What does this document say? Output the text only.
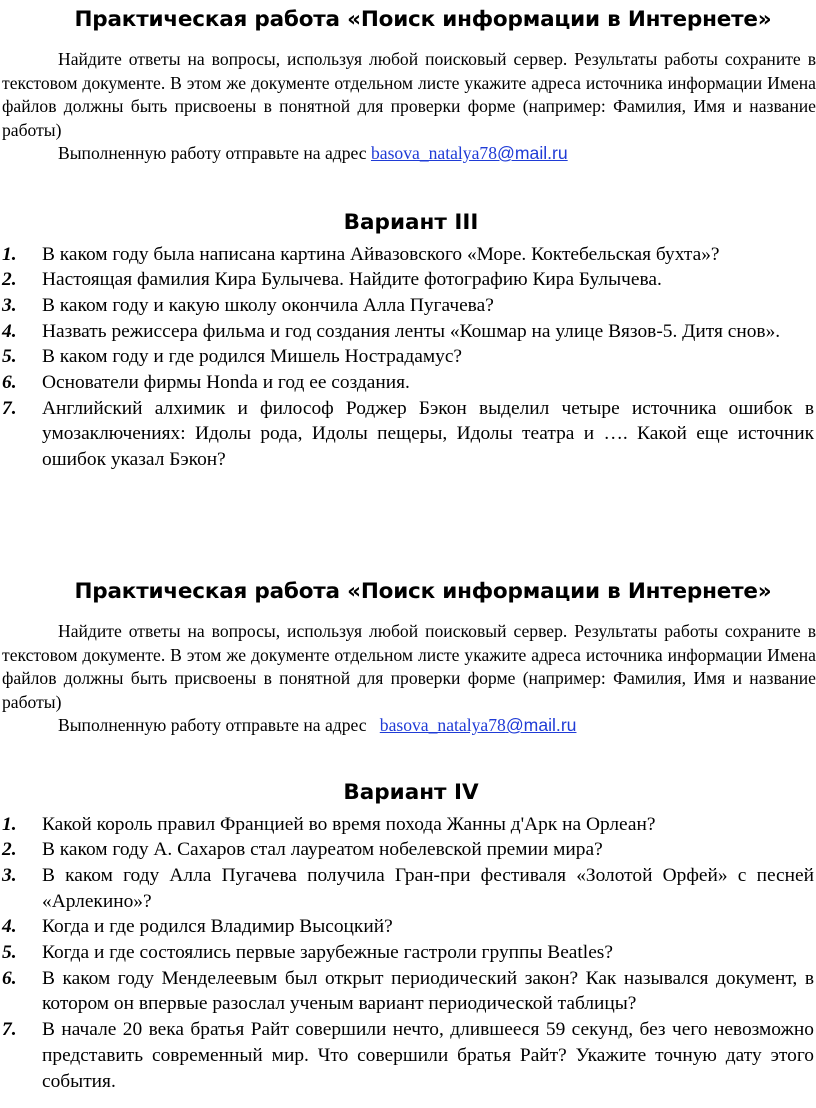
Практическая работа «Поиск информации в Интернете»

Найдите ответы на вопросы, используя любой поисковый сервер. Результаты работы сохраните в текстовом документе. В этом же документе отдельном листе укажите адреса источника информации Имена файлов должны быть присвоены в понятной для проверки форме (например: Фамилия, Имя и название работы)

Выполненную работу отправьте на адрес basova_natalya78@mail.ru

Вариант III
1. В каком году была написана картина Айвазовского «Море. Коктебельская бухта»?
2. Настоящая фамилия Кира Булычева. Найдите фотографию Кира Булычева.
3. В каком году и какую школу окончила Алла Пугачева?
4. Назвать режиссера фильма и год создания ленты «Кошмар на улице Вязов-5. Дитя снов».
5. В каком году и где родился Мишель Нострадамус?
6. Основатели фирмы Honda и год ее создания.
7. Английский алхимик и философ Роджер Бэкон выделил четыре источника ошибок в умозаключениях: Идолы рода, Идолы пещеры, Идолы театра и …. Какой еще источник ошибок указал Бэкон?
Практическая работа «Поиск информации в Интернете»

Найдите ответы на вопросы, используя любой поисковый сервер. Результаты работы сохраните в текстовом документе. В этом же документе отдельном листе укажите адреса источника информации Имена файлов должны быть присвоены в понятной для проверки форме (например: Фамилия, Имя и название работы)

Выполненную работу отправьте на адрес basova_natalya78@mail.ru

Вариант IV
1. Какой король правил Францией во время похода Жанны д'Арк на Орлеан?
2. В каком году А. Сахаров стал лауреатом нобелевской премии мира?
3. В каком году Алла Пугачева получила Гран-при фестиваля «Золотой Орфей» с песней «Арлекино»?
4. Когда и где родился Владимир Высоцкий?
5. Когда и где состоялись первые зарубежные гастроли группы Beatles?
6. В каком году Менделеевым был открыт периодический закон? Как назывался документ, в котором он впервые разослал ученым вариант периодической таблицы?
7. В начале 20 века братья Райт совершили нечто, длившееся 59 секунд, без чего невозможно представить современный мир. Что совершили братья Райт? Укажите точную дату этого события.
